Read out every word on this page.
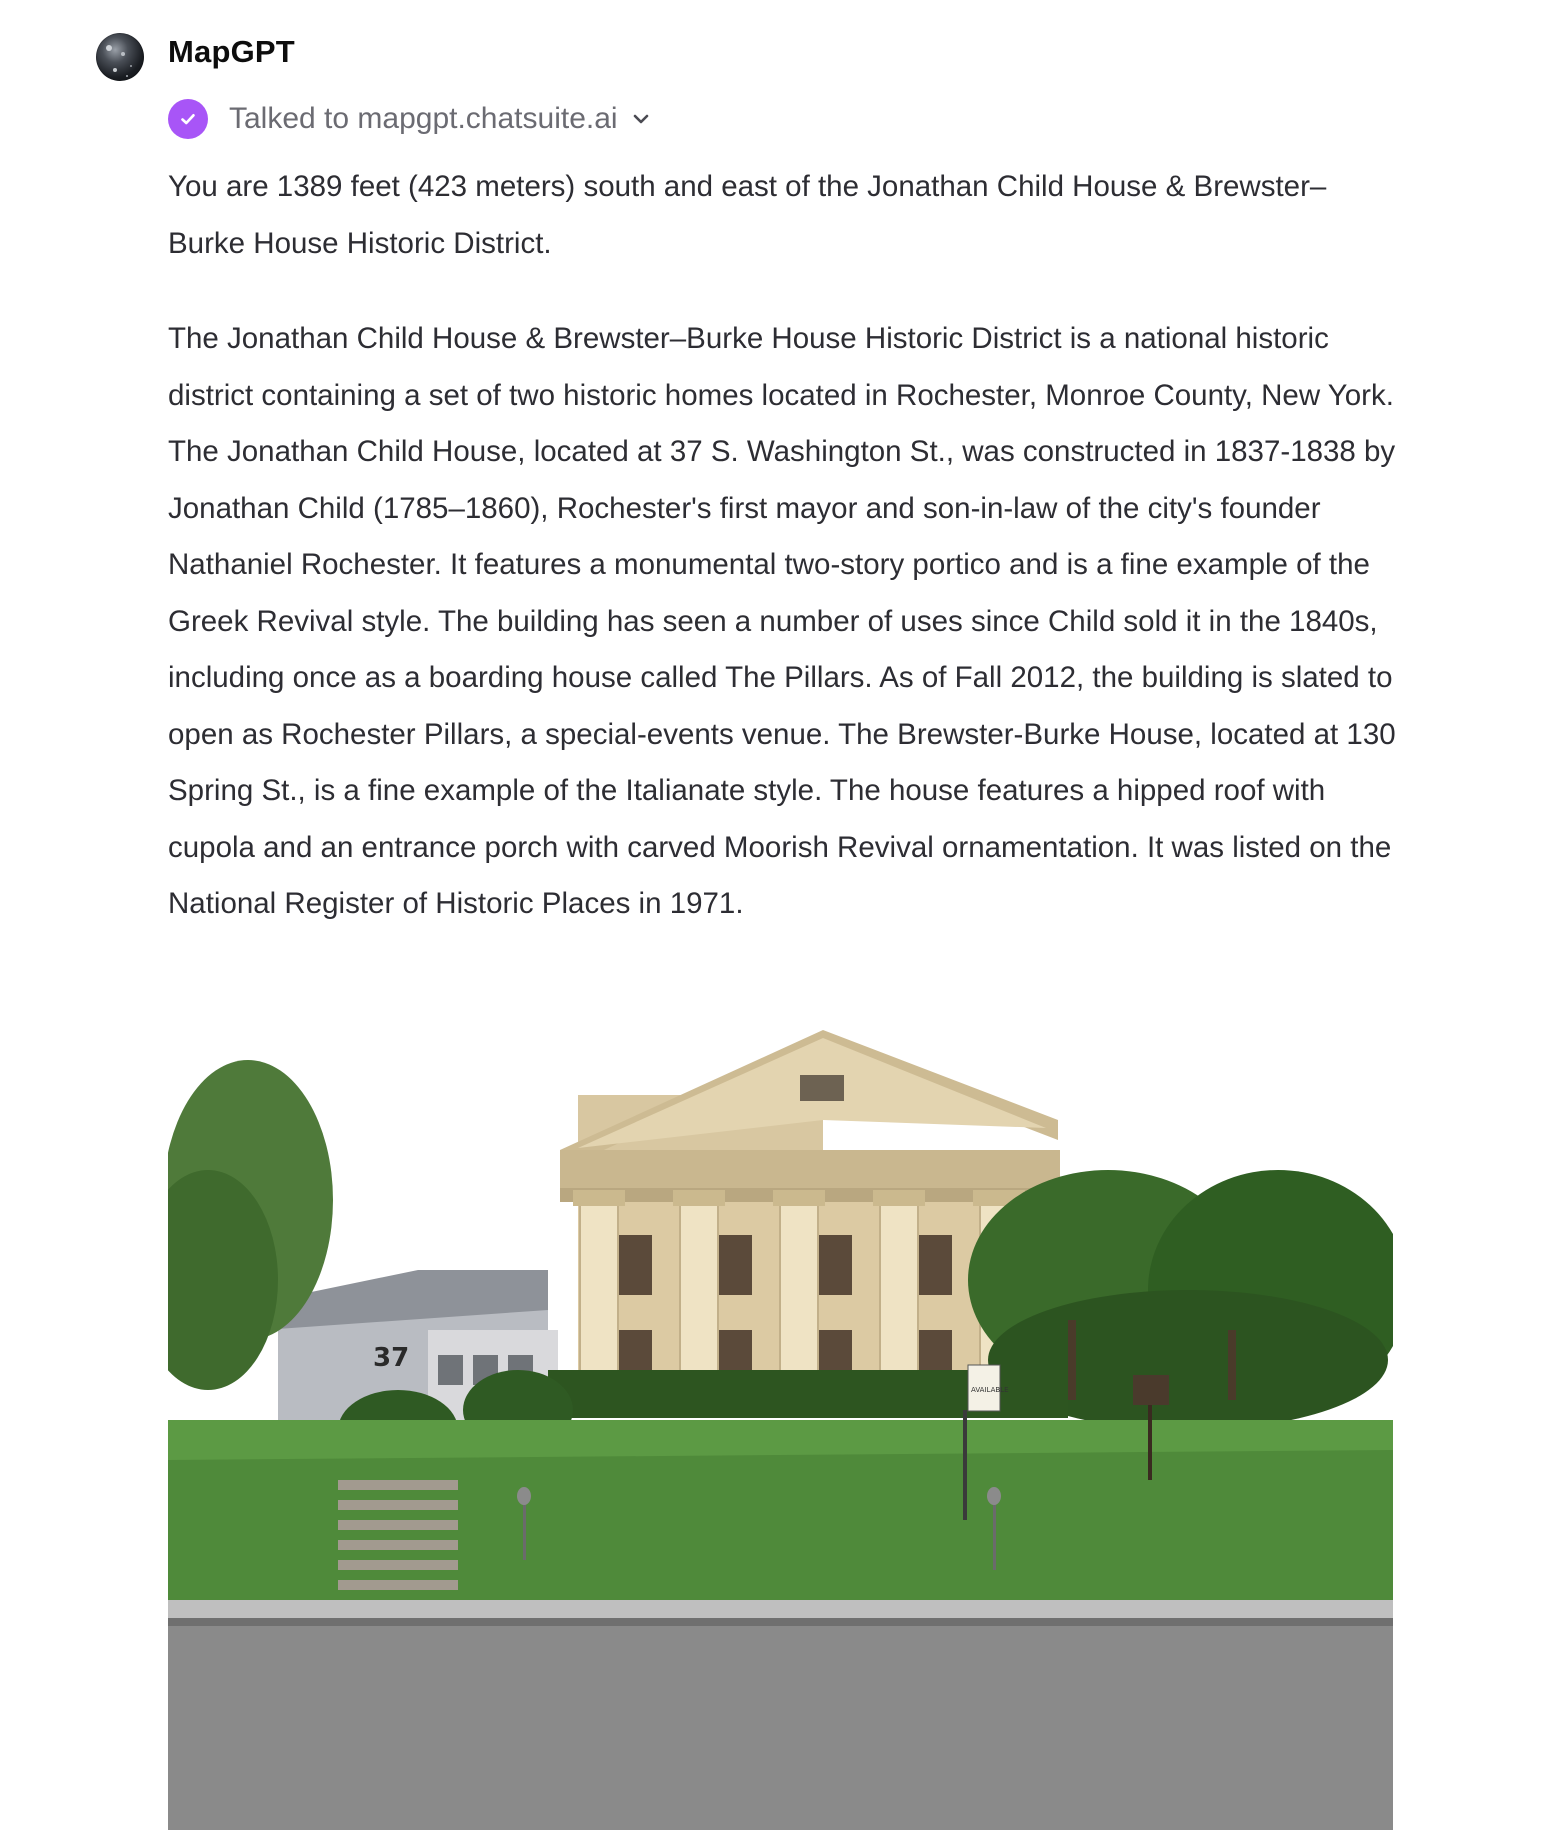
MapGPT
Talked to mapgpt.chatsuite.ai

You are 1389 feet (423 meters) south and east of the Jonathan Child House & Brewster–Burke House Historic District.

The Jonathan Child House & Brewster–Burke House Historic District is a national historic district containing a set of two historic homes located in Rochester, Monroe County, New York. The Jonathan Child House, located at 37 S. Washington St., was constructed in 1837-1838 by Jonathan Child (1785–1860), Rochester's first mayor and son-in-law of the city's founder Nathaniel Rochester. It features a monumental two-story portico and is a fine example of the Greek Revival style. The building has seen a number of uses since Child sold it in the 1840s, including once as a boarding house called The Pillars. As of Fall 2012, the building is slated to open as Rochester Pillars, a special-events venue. The Brewster-Burke House, located at 130 Spring St., is a fine example of the Italianate style. The house features a hipped roof with cupola and an entrance porch with carved Moorish Revival ornamentation. It was listed on the National Register of Historic Places in 1971.

37
AVAILABLE
